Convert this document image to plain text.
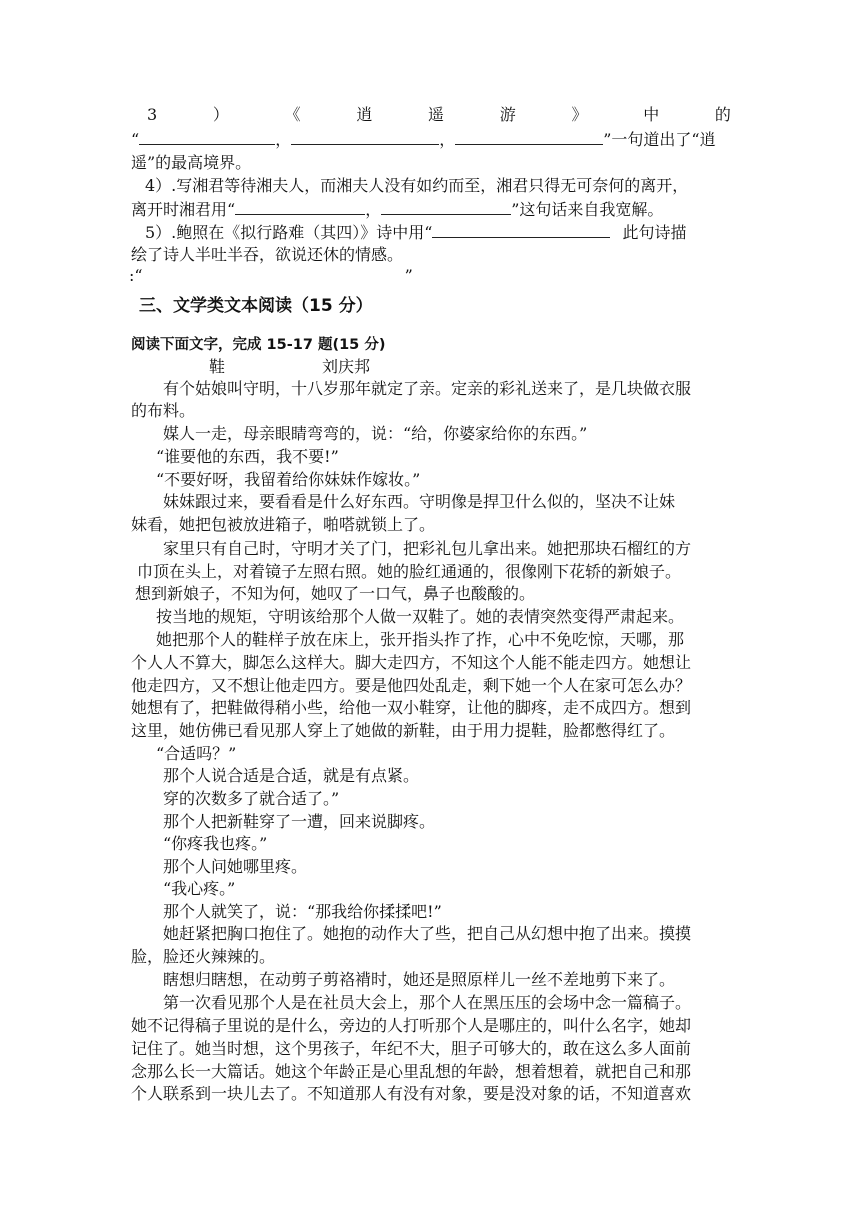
3	）	《	逍	遥	游	》	中	的
“	，	，	”一句道出了“逍
遥”的最高境界。
4）.写湘君等待湘夫人，而湘夫人没有如约而至，湘君只得无可奈何的离开，
离开时湘君用“	，	”这句话来自我宽解。
5）.鲍照在《拟行路难（其四）》诗中用“	此句诗描
绘了诗人半吐半吞，欲说还休的情感。
:“	”
三、文学类文本阅读（15 分）
阅读下面文字，完成 15-17 题(15 分)
鞋	刘庆邦
有个姑娘叫守明，十八岁那年就定了亲。定亲的彩礼送来了，是几块做衣服
的布料。
媒人一走，母亲眼睛弯弯的，说：“给，你婆家给你的东西。”
“谁要他的东西，我不要!”
“不要好呀，我留着给你妹妹作嫁妆。”
妹妹跟过来，要看看是什么好东西。守明像是捍卫什么似的，坚决不让妹
妹看，她把包被放进箱子，啪嗒就锁上了。
家里只有自己时，守明才关了门，把彩礼包儿拿出来。她把那块石榴红的方
巾顶在头上，对着镜子左照右照。她的脸红通通的，很像刚下花轿的新娘子。
想到新娘子，不知为何，她叹了一口气，鼻子也酸酸的。
按当地的规矩，守明该给那个人做一双鞋了。她的表情突然变得严肃起来。
她把那个人的鞋样子放在床上，张开指头拃了拃，心中不免吃惊，天哪，那
个人人不算大，脚怎么这样大。脚大走四方，不知这个人能不能走四方。她想让
他走四方，又不想让他走四方。要是他四处乱走，剩下她一个人在家可怎么办？
她想有了，把鞋做得稍小些，给他一双小鞋穿，让他的脚疼，走不成四方。想到
这里，她仿佛已看见那人穿上了她做的新鞋，由于用力提鞋，脸都憋得红了。
“合适吗？”
那个人说合适是合适，就是有点紧。
穿的次数多了就合适了。”
那个人把新鞋穿了一遭，回来说脚疼。
“你疼我也疼。”
那个人问她哪里疼。
“我心疼。”
那个人就笑了，说：“那我给你揉揉吧!”
她赶紧把胸口抱住了。她抱的动作大了些，把自己从幻想中抱了出来。摸摸
脸，脸还火辣辣的。
瞎想归瞎想，在动剪子剪袼褙时，她还是照原样儿一丝不差地剪下来了。
第一次看见那个人是在社员大会上，那个人在黑压压的会场中念一篇稿子。
她不记得稿子里说的是什么，旁边的人打听那个人是哪庄的，叫什么名字，她却
记住了。她当时想，这个男孩子，年纪不大，胆子可够大的，敢在这么多人面前
念那么长一大篇话。她这个年龄正是心里乱想的年龄，想着想着，就把自己和那
个人联系到一块儿去了。不知道那人有没有对象，要是没对象的话，不知道喜欢
